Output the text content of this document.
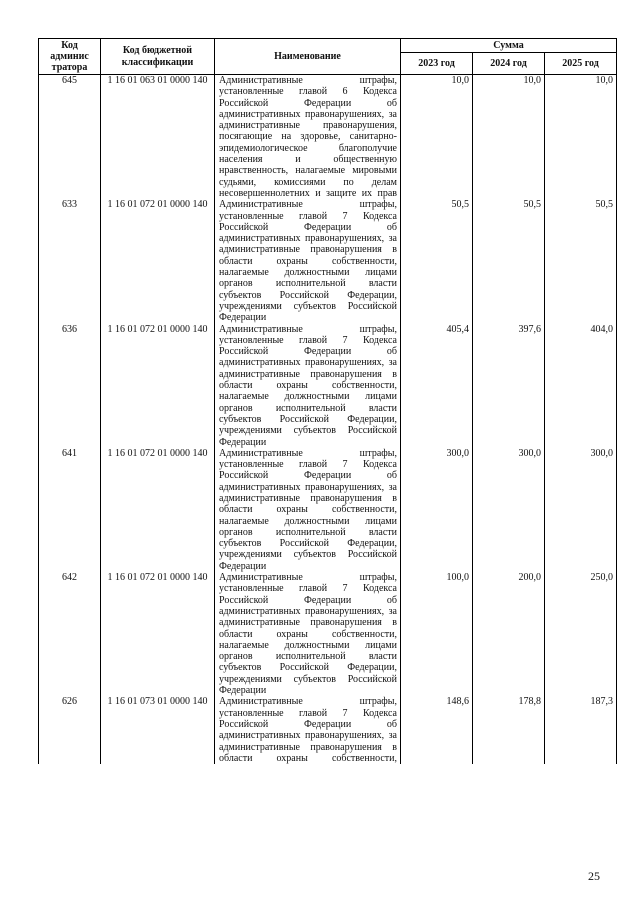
Код админис тратора	Код бюджетной классификации	Наименование	Сумма		
			2023 год	2024 год	2025 год
645	1 16 01 063 01 0000 140	Административные штрафы, установленные главой 6 Кодекса Российской Федерации об административных правонарушениях, за административные правонарушения, посягающие на здоровье, санитарно-эпидемиологическое благополучие населения и общественную нравственность, налагаемые мировыми судьями, комиссиями по делам несовершеннолетних и защите их прав	10,0	10,0	10,0
633	1 16 01 072 01 0000 140	Административные штрафы, установленные главой 7 Кодекса Российской Федерации об административных правонарушениях, за административные правонарушения в области охраны собственности, налагаемые должностными лицами органов исполнительной власти субъектов Российской Федерации, учреждениями субъектов Российской Федерации	50,5	50,5	50,5
636	1 16 01 072 01 0000 140	Административные штрафы, установленные главой 7 Кодекса Российской Федерации об административных правонарушениях, за административные правонарушения в области охраны собственности, налагаемые должностными лицами органов исполнительной власти субъектов Российской Федерации, учреждениями субъектов Российской Федерации	405,4	397,6	404,0
641	1 16 01 072 01 0000 140	Административные штрафы, установленные главой 7 Кодекса Российской Федерации об административных правонарушениях, за административные правонарушения в области охраны собственности, налагаемые должностными лицами органов исполнительной власти субъектов Российской Федерации, учреждениями субъектов Российской Федерации	300,0	300,0	300,0
642	1 16 01 072 01 0000 140	Административные штрафы, установленные главой 7 Кодекса Российской Федерации об административных правонарушениях, за административные правонарушения в области охраны собственности, налагаемые должностными лицами органов исполнительной власти субъектов Российской Федерации, учреждениями субъектов Российской Федерации	100,0	200,0	250,0
626	1 16 01 073 01 0000 140	Административные штрафы, установленные главой 7 Кодекса Российской Федерации об административных правонарушениях, за административные правонарушения в области охраны собственности,	148,6	178,8	187,3
25
